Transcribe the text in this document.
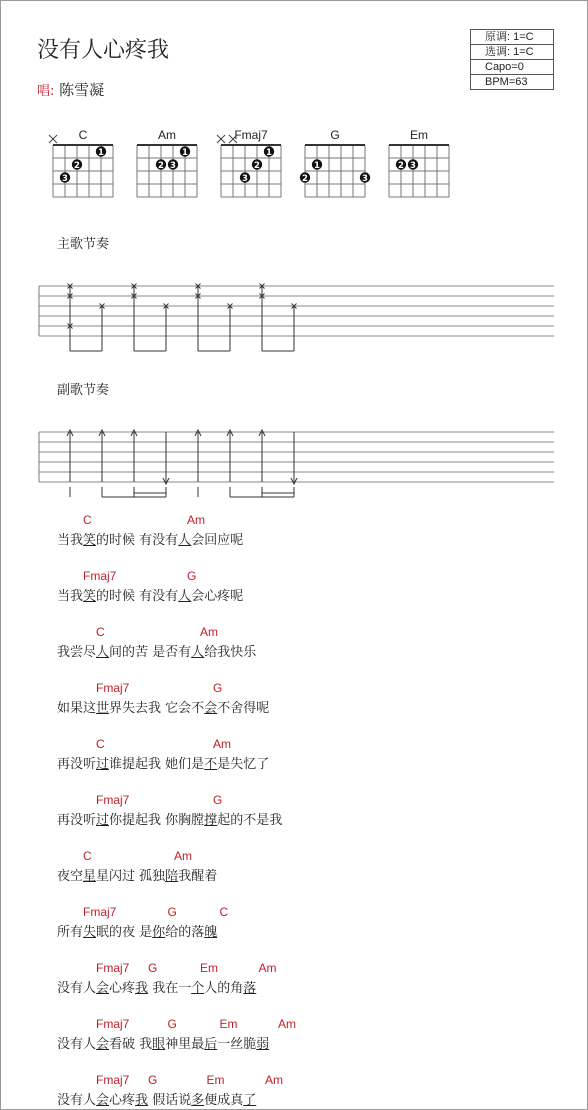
没有人心疼我
唱: 陈雪凝
原调: 1=C
选调: 1=C
Capo=0
BPM=63
C
1
2
3
Am
1
2 3
Fmaj7
1
2
3
G
1
2	3
Em
2 3
主歌节奏
副歌节奏
C	Am
当我笑的时候 有没有人会回应呢
Fmaj7	G
当我笑的时候 有没有人会心疼呢
C	Am
我尝尽人间的苦 是否有人给我快乐
Fmaj7	G
如果这世界失去我 它会不会不舍得呢
C	Am
再没听过谁提起我 她们是不是失忆了
Fmaj7	G
再没听过你提起我 你胸膛撑起的不是我
C	Am
夜空星星闪过 孤独陪我醒着
Fmaj7	G	C
所有失眠的夜 是你给的落魄
Fmaj7 G	Em	Am
没有人会心疼我 我在一个人的角落
Fmaj7	G	Em	Am
没有人会看破 我眼神里最后一丝脆弱
Fmaj7 G	Em	Am
没有人会心疼我 假话说多便成真了
